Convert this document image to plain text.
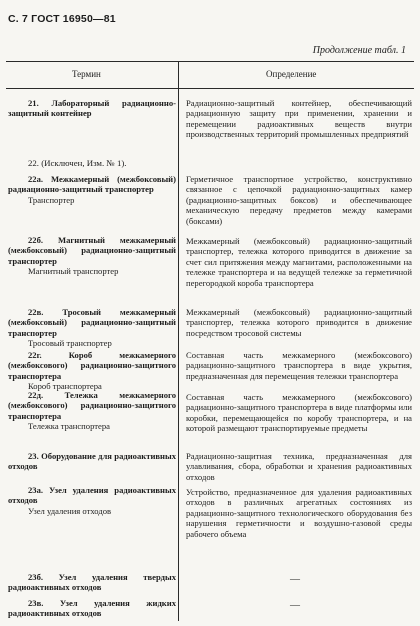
С. 7 ГОСТ 16950—81
Продолжение табл. 1
Термин	Определение
21. Лабораторный радиационно-защитный контейнер
Радиационно-защитный контейнер, обеспечивающий радиационную защиту при применении, хранении и перемещении радиоактивных веществ внутри производственных территорий промышленных предприятий
22. (Исключен, Изм. № 1).
22а. Межкамерный (межбоксовый) радиационно-защитный транспортер
Транспортер
Герметичное транспортное устройство, конструктивно связанное с цепочкой радиационно-защитных камер (радиационно-защитных боксов) и обеспечивающее механическую передачу предметов между камерами (боксами)
22б. Магнитный межкамерный (межбоксовый) радиационно-защитный транспортер
Магнитный транспортер
Межкамерный (межбоксовый) радиационно-защитный транспортер, тележка которого приводится в движение за счет сил притяжения между магнитами, расположенными на тележке транспортера и на ведущей тележке за герметичной перегородкой короба транспортера
22в. Тросовый межкамерный (межбоксовый) радиационно-защитный транспортер
Тросовый транспортер
Межкамерный (межбоксовый) радиационно-защитный транспортер, тележка которого приводится в движение посредством тросовой системы
22г. Короб межкамерного (межбоксового) радиационно-защитного транспортера
Короб транспортера
Составная часть межкамерного (межбоксового) радиационно-защитного транспортера в виде укрытия, предназначенная для перемещения тележки транспортера
22д. Тележка межкамерного (межбоксового) радиационно-защитного транспортера
Тележка транспортера
Составная часть межкамерного (межбоксового) радиационно-защитного транспортера в виде платформы или коробки, перемещающейся по коробу транспортера, и на которой размещают транспортируемые предметы
23. Оборудование для радиоактивных отходов
Радиационно-защитная техника, предназначенная для улавливания, сбора, обработки и хранения радиоактивных отходов
23а. Узел удаления радиоактивных отходов
Узел удаления отходов
Устройство, предназначенное для удаления радиоактивных отходов в различных агрегатных состояниях из радиационно-защитного технологического оборудования без нарушения герметичности и воздушно-газовой среды рабочего объема
23б. Узел удаления твердых радиоактивных отходов
—
23в. Узел удаления жидких радиоактивных отходов
—
